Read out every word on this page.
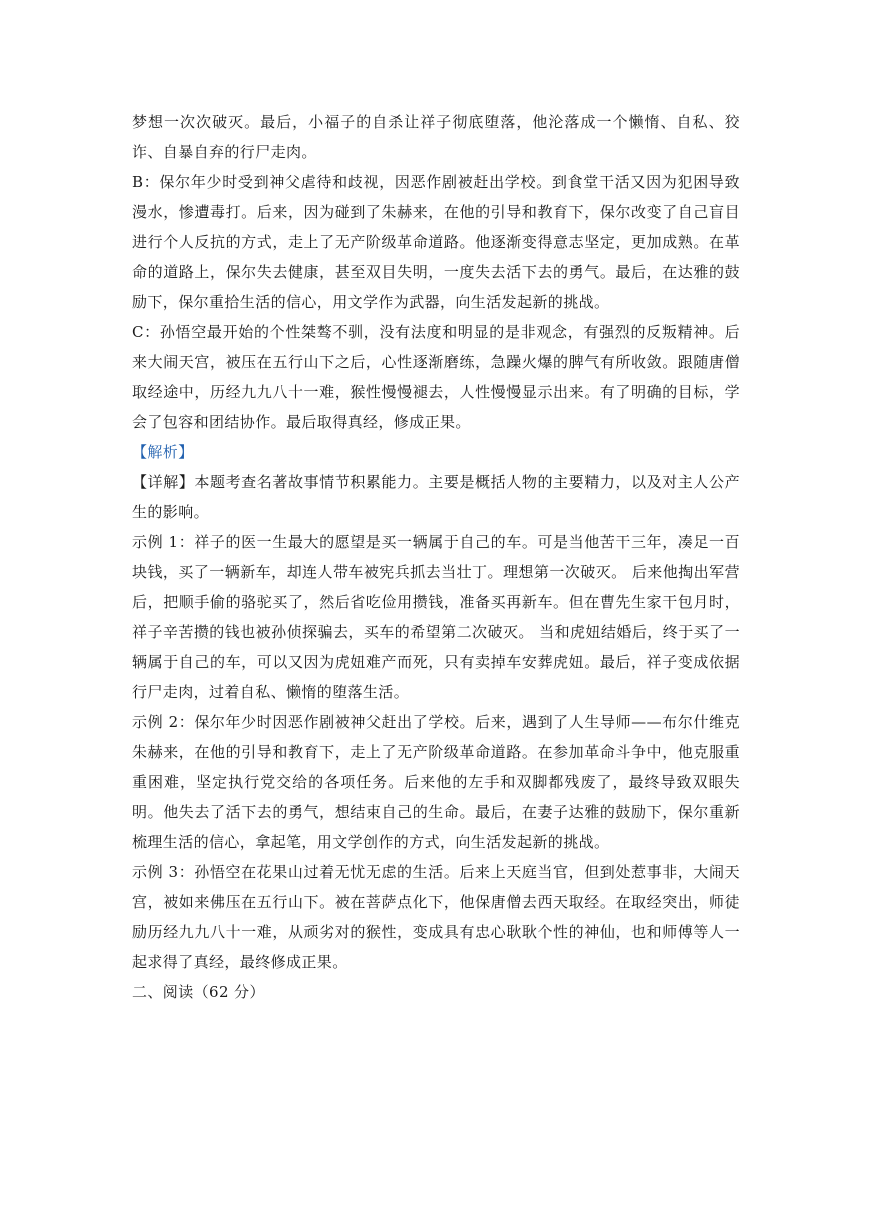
梦想一次次破灭。最后，小福子的自杀让祥子彻底堕落，他沦落成一个懒惰、自私、狡诈、自暴自弃的行尸走肉。

B：保尔年少时受到神父虐待和歧视，因恶作剧被赶出学校。到食堂干活又因为犯困导致漫水，惨遭毒打。后来，因为碰到了朱赫来，在他的引导和教育下，保尔改变了自己盲目进行个人反抗的方式，走上了无产阶级革命道路。他逐渐变得意志坚定，更加成熟。在革命的道路上，保尔失去健康，甚至双目失明，一度失去活下去的勇气。最后，在达雅的鼓励下，保尔重拾生活的信心，用文学作为武器，向生活发起新的挑战。

C：孙悟空最开始的个性桀骜不驯，没有法度和明显的是非观念，有强烈的反叛精神。后来大闹天宫，被压在五行山下之后，心性逐渐磨练，急躁火爆的脾气有所收敛。跟随唐僧取经途中，历经九九八十一难，猴性慢慢褪去，人性慢慢显示出来。有了明确的目标，学会了包容和团结协作。最后取得真经，修成正果。

【解析】

【详解】本题考查名著故事情节积累能力。主要是概括人物的主要精力，以及对主人公产生的影响。

示例 1：祥子的医一生最大的愿望是买一辆属于自己的车。可是当他苦干三年，凑足一百块钱，买了一辆新车，却连人带车被宪兵抓去当壮丁。理想第一次破灭。 后来他掏出军营后，把顺手偷的骆驼买了，然后省吃俭用攒钱，准备买再新车。但在曹先生家干包月时，祥子辛苦攒的钱也被孙侦探骗去，买车的希望第二次破灭。 当和虎妞结婚后，终于买了一辆属于自己的车，可以又因为虎妞难产而死，只有卖掉车安葬虎妞。最后，祥子变成依据行尸走肉，过着自私、懒惰的堕落生活。

示例 2：保尔年少时因恶作剧被神父赶出了学校。后来，遇到了人生导师——布尔什维克朱赫来，在他的引导和教育下，走上了无产阶级革命道路。在参加革命斗争中，他克服重重困难，坚定执行党交给的各项任务。后来他的左手和双脚都残废了，最终导致双眼失明。他失去了活下去的勇气，想结束自己的生命。最后，在妻子达雅的鼓励下，保尔重新梳理生活的信心，拿起笔，用文学创作的方式，向生活发起新的挑战。

示例 3：孙悟空在花果山过着无忧无虑的生活。后来上天庭当官，但到处惹事非，大闹天宫，被如来佛压在五行山下。被在菩萨点化下，他保唐僧去西天取经。在取经突出，师徒励历经九九八十一难，从顽劣对的猴性，变成具有忠心耿耿个性的神仙，也和师傅等人一起求得了真经，最终修成正果。

二、阅读（62 分）
